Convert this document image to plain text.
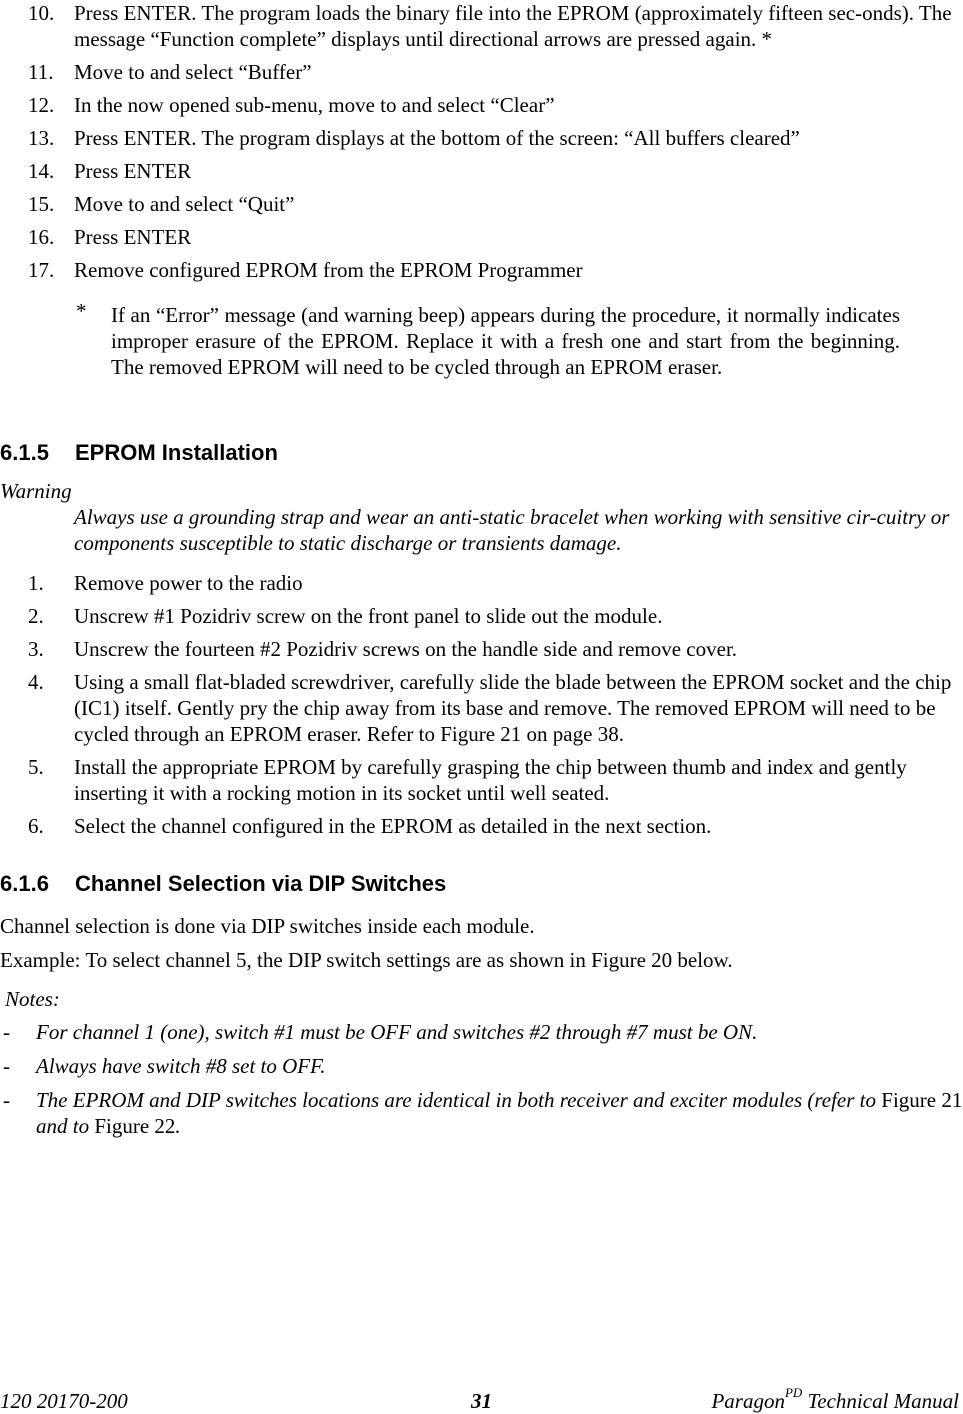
10. Press ENTER. The program loads the binary file into the EPROM (approximately fifteen sec-onds). The message “Function complete” displays until directional arrows are pressed again. *
11. Move to and select “Buffer”
12. In the now opened sub-menu, move to and select “Clear”
13. Press ENTER. The program displays at the bottom of the screen: “All buffers cleared”
14. Press ENTER
15. Move to and select “Quit”
16. Press ENTER
17. Remove configured EPROM from the EPROM Programmer
*	If an “Error” message (and warning beep) appears during the procedure, it normally indicates improper erasure of the EPROM. Replace it with a fresh one and start from the beginning. The removed EPROM will need to be cycled through an EPROM eraser.
6.1.5 EPROM Installation
Warning
Always use a grounding strap and wear an anti-static bracelet when working with sensitive cir-cuitry or components susceptible to static discharge or transients damage.
1. Remove power to the radio
2. Unscrew #1 Pozidriv screw on the front panel to slide out the module.
3. Unscrew the fourteen #2 Pozidriv screws on the handle side and remove cover.
4. Using a small flat-bladed screwdriver, carefully slide the blade between the EPROM socket and the chip (IC1) itself. Gently pry the chip away from its base and remove. The removed EPROM will need to be cycled through an EPROM eraser. Refer to Figure 21 on page 38.
5. Install the appropriate EPROM by carefully grasping the chip between thumb and index and gently inserting it with a rocking motion in its socket until well seated.
6. Select the channel configured in the EPROM as detailed in the next section.
6.1.6 Channel Selection via DIP Switches

Channel selection is done via DIP switches inside each module.

Example: To select channel 5, the DIP switch settings are as shown in Figure 20 below.

Notes:
- For channel 1 (one), switch #1 must be OFF and switches #2 through #7 must be ON.
- Always have switch #8 set to OFF.
- The EPROM and DIP switches locations are identical in both receiver and exciter modules (refer to Figure 21 and to Figure 22.
120 20170-200	31	Paragon$^{PD}$ Technical Manual
